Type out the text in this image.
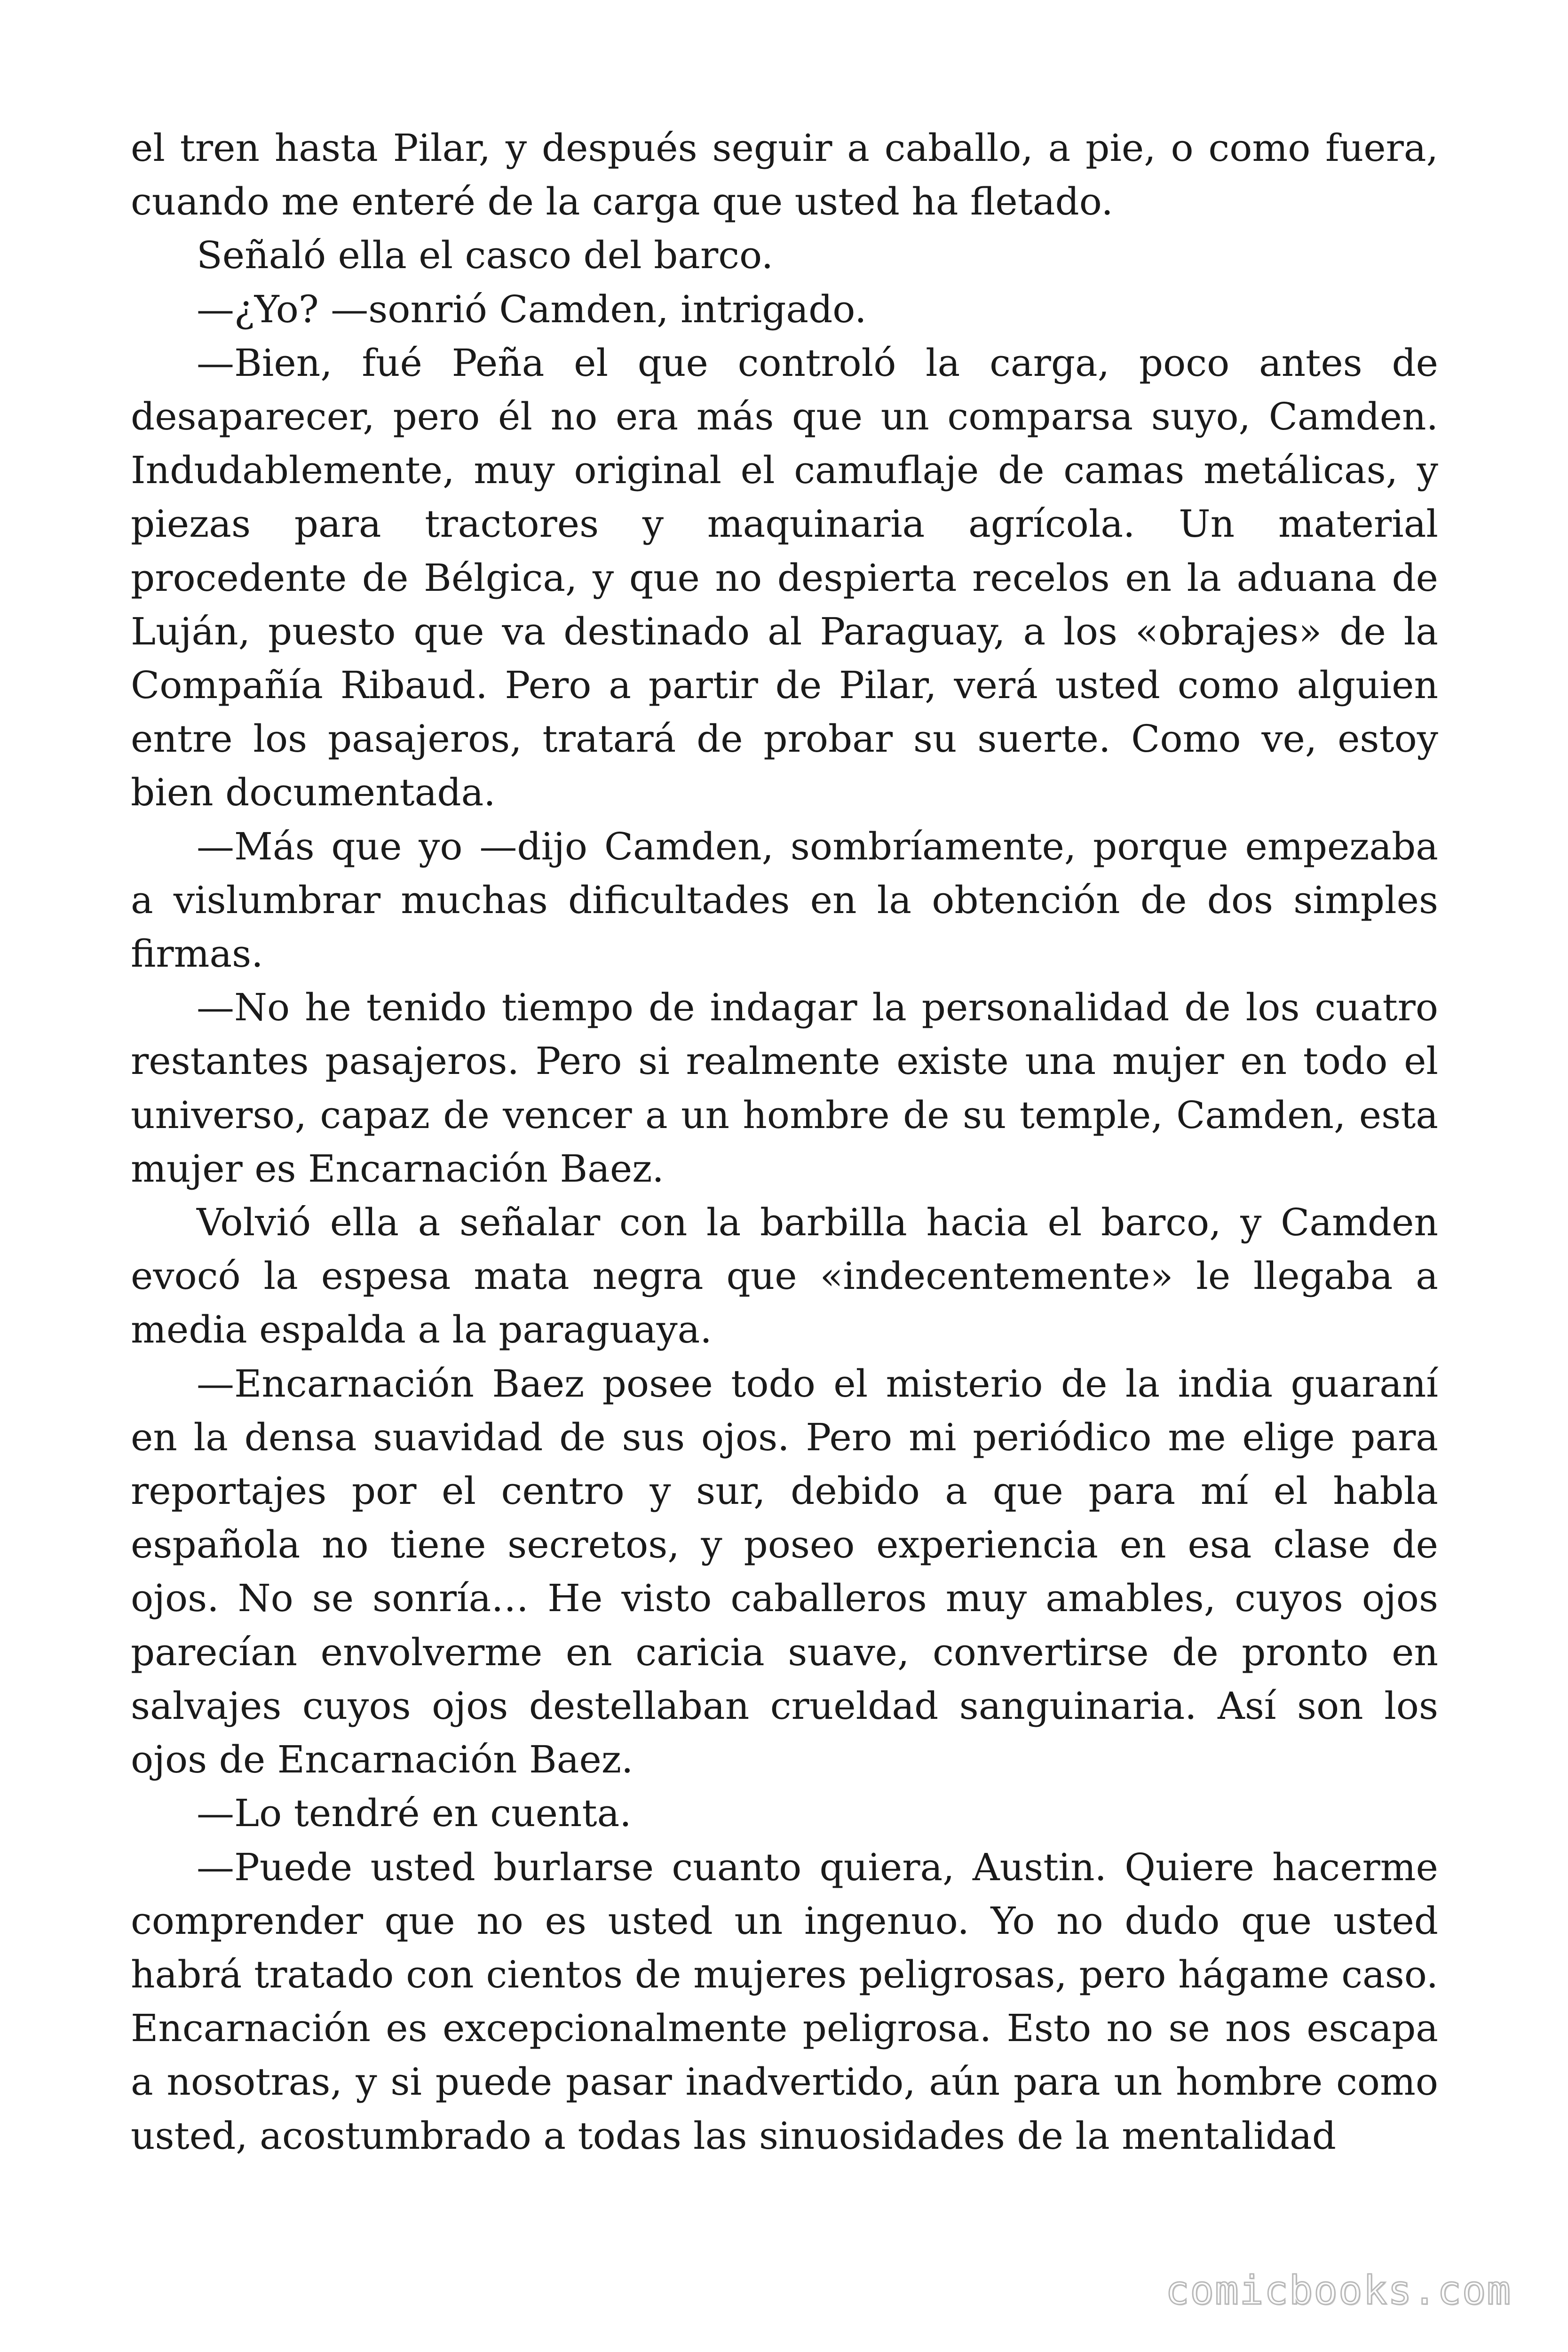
el tren hasta Pilar, y después seguir a caballo, a pie, o como fuera, cuando me enteré de la carga que usted ha fletado.

Señaló ella el casco del barco.

—¿Yo? —sonrió Camden, intrigado.

—Bien, fué Peña el que controló la carga, poco antes de desaparecer, pero él no era más que un comparsa suyo, Camden. Indudablemente, muy original el camuflaje de camas metálicas, y piezas para tractores y maquinaria agrícola. Un material procedente de Bélgica, y que no despierta recelos en la aduana de Luján, puesto que va destinado al Paraguay, a los «obrajes» de la Compañía Ribaud. Pero a partir de Pilar, verá usted como alguien entre los pasajeros, tratará de probar su suerte. Como ve, estoy bien documentada.

—Más que yo —dijo Camden, sombríamente, porque empezaba a vislumbrar muchas dificultades en la obtención de dos simples firmas.

—No he tenido tiempo de indagar la personalidad de los cuatro restantes pasajeros. Pero si realmente existe una mujer en todo el universo, capaz de vencer a un hombre de su temple, Camden, esta mujer es Encarnación Baez.

Volvió ella a señalar con la barbilla hacia el barco, y Camden evocó la espesa mata negra que «indecentemente» le llegaba a media espalda a la paraguaya.

—Encarnación Baez posee todo el misterio de la india guaraní en la densa suavidad de sus ojos. Pero mi periódico me elige para reportajes por el centro y sur, debido a que para mí el habla española no tiene secretos, y poseo experiencia en esa clase de ojos. No se sonría… He visto caballeros muy amables, cuyos ojos parecían envolverme en caricia suave, convertirse de pronto en salvajes cuyos ojos destellaban crueldad sanguinaria. Así son los ojos de Encarnación Baez.

—Lo tendré en cuenta.

—Puede usted burlarse cuanto quiera, Austin. Quiere hacerme comprender que no es usted un ingenuo. Yo no dudo que usted habrá tratado con cientos de mujeres peligrosas, pero hágame caso. Encarnación es excepcionalmente peligrosa. Esto no se nos escapa a nosotras, y si puede pasar inadvertido, aún para un hombre como usted, acostumbrado a todas las sinuosidades de la mentalidad

comicbooks.com
